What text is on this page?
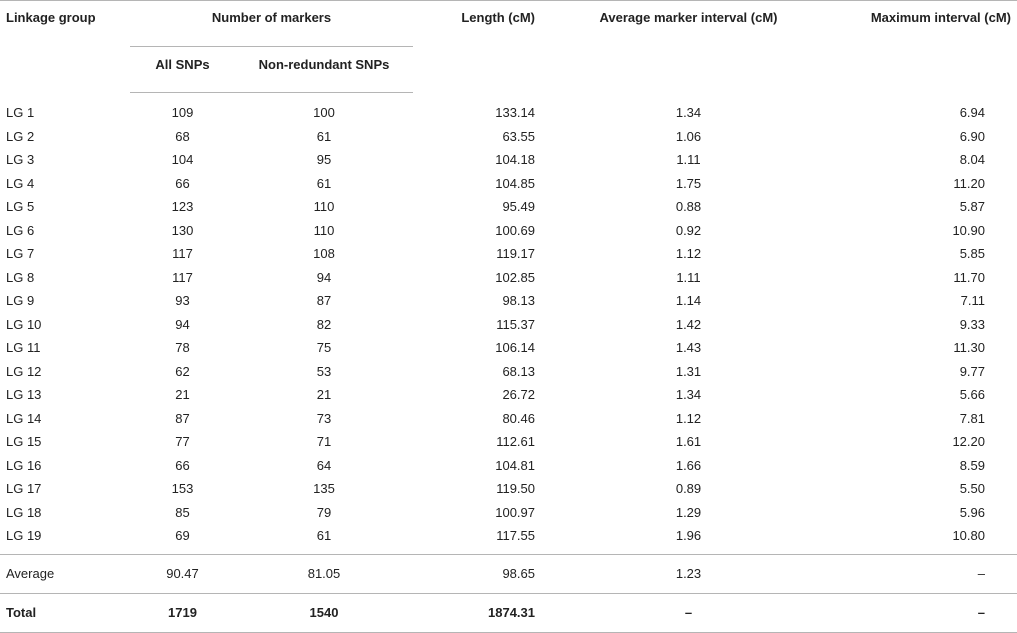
Linkage group	Number of markers		Length (cM)	Average marker interval (cM)	Maximum interval (cM)
	All SNPs	Non-redundant SNPs			
LG 1	109	100	133.14	1.34	6.94
LG 2	68	61	63.55	1.06	6.90
LG 3	104	95	104.18	1.11	8.04
LG 4	66	61	104.85	1.75	11.20
LG 5	123	110	95.49	0.88	5.87
LG 6	130	110	100.69	0.92	10.90
LG 7	117	108	119.17	1.12	5.85
LG 8	117	94	102.85	1.11	11.70
LG 9	93	87	98.13	1.14	7.11
LG 10	94	82	115.37	1.42	9.33
LG 11	78	75	106.14	1.43	11.30
LG 12	62	53	68.13	1.31	9.77
LG 13	21	21	26.72	1.34	5.66
LG 14	87	73	80.46	1.12	7.81
LG 15	77	71	112.61	1.61	12.20
LG 16	66	64	104.81	1.66	8.59
LG 17	153	135	119.50	0.89	5.50
LG 18	85	79	100.97	1.29	5.96
LG 19	69	61	117.55	1.96	10.80
Average	90.47	81.05	98.65	1.23	–
Total	1719	1540	1874.31	–	–
